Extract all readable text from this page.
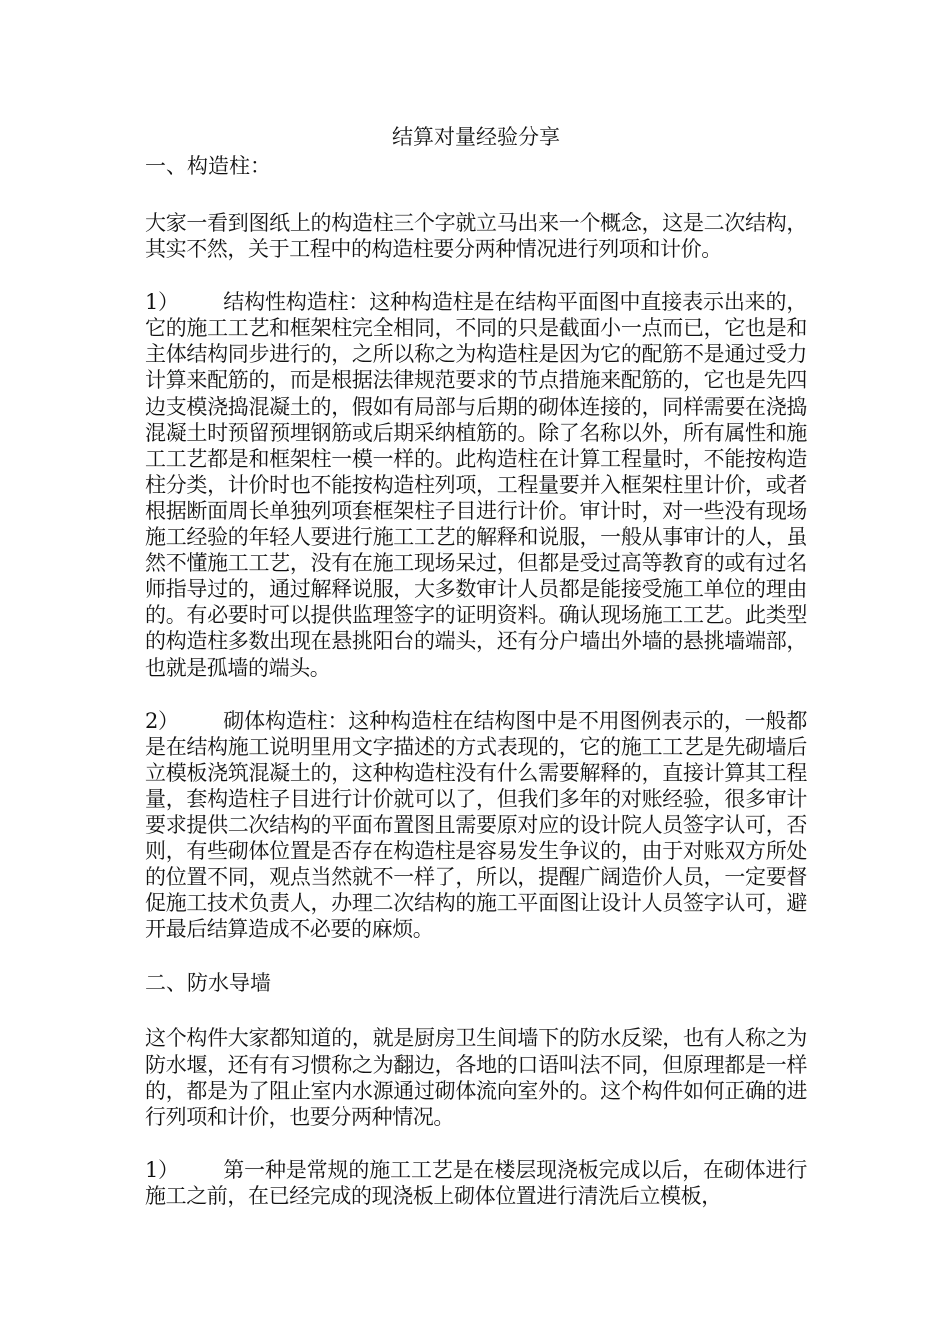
结算对量经验分享
一、构造柱：

大家一看到图纸上的构造柱三个字就立马出来一个概念，这是二次结构，其实不然，关于工程中的构造柱要分两种情况进行列项和计价。

1） 结构性构造柱：这种构造柱是在结构平面图中直接表示出来的，它的施工工艺和框架柱完全相同，不同的只是截面小一点而已，它也是和主体结构同步进行的，之所以称之为构造柱是因为它的配筋不是通过受力计算来配筋的，而是根据法律规范要求的节点措施来配筋的，它也是先四边支模浇捣混凝土的，假如有局部与后期的砌体连接的，同样需要在浇捣混凝土时预留预埋钢筋或后期采纳植筋的。除了名称以外，所有属性和施工工艺都是和框架柱一模一样的。此构造柱在计算工程量时，不能按构造柱分类，计价时也不能按构造柱列项，工程量要并入框架柱里计价，或者根据断面周长单独列项套框架柱子目进行计价。审计时，对一些没有现场施工经验的年轻人要进行施工工艺的解释和说服，一般从事审计的人，虽然不懂施工工艺，没有在施工现场呆过，但都是受过高等教育的或有过名师指导过的，通过解释说服，大多数审计人员都是能接受施工单位的理由的。有必要时可以提供监理签字的证明资料。确认现场施工工艺。此类型的构造柱多数出现在悬挑阳台的端头，还有分户墙出外墙的悬挑墙端部，也就是孤墙的端头。

2） 砌体构造柱：这种构造柱在结构图中是不用图例表示的，一般都是在结构施工说明里用文字描述的方式表现的，它的施工工艺是先砌墙后立模板浇筑混凝土的，这种构造柱没有什么需要解释的，直接计算其工程量，套构造柱子目进行计价就可以了，但我们多年的对账经验，很多审计要求提供二次结构的平面布置图且需要原对应的设计院人员签字认可，否则，有些砌体位置是否存在构造柱是容易发生争议的，由于对账双方所处的位置不同，观点当然就不一样了，所以，提醒广阔造价人员，一定要督促施工技术负责人，办理二次结构的施工平面图让设计人员签字认可，避开最后结算造成不必要的麻烦。

二、防水导墙

这个构件大家都知道的，就是厨房卫生间墙下的防水反梁，也有人称之为防水堰，还有有习惯称之为翻边，各地的口语叫法不同，但原理都是一样的，都是为了阻止室内水源通过砌体流向室外的。这个构件如何正确的进行列项和计价，也要分两种情况。

1） 第一种是常规的施工工艺是在楼层现浇板完成以后，在砌体进行施工之前，在已经完成的现浇板上砌体位置进行清洗后立模板，
